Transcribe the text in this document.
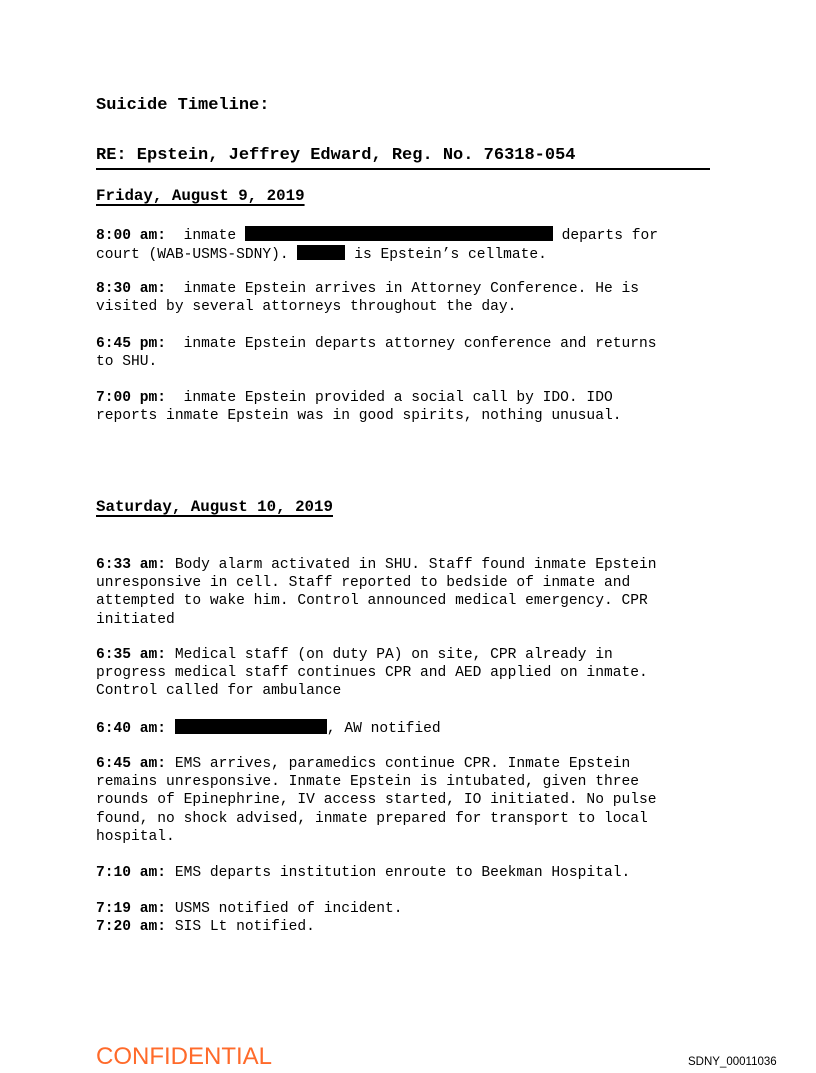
Suicide Timeline:
RE: Epstein, Jeffrey Edward, Reg. No. 76318-054
Friday, August 9, 2019
8:00 am:  inmate	departs for
court (WAB-USMS-SDNY).	is Epstein’s cellmate.
8:30 am:  inmate Epstein arrives in Attorney Conference. He is
visited by several attorneys throughout the day.
6:45 pm:  inmate Epstein departs attorney conference and returns
to SHU.
7:00 pm:  inmate Epstein provided a social call by IDO. IDO
reports inmate Epstein was in good spirits, nothing unusual.
Saturday, August 10, 2019
6:33 am: Body alarm activated in SHU. Staff found inmate Epstein
unresponsive in cell. Staff reported to bedside of inmate and
attempted to wake him. Control announced medical emergency. CPR
initiated
6:35 am: Medical staff (on duty PA) on site, CPR already in
progress medical staff continues CPR and AED applied on inmate.
Control called for ambulance
6:40 am:	, AW notified
6:45 am: EMS arrives, paramedics continue CPR. Inmate Epstein
remains unresponsive. Inmate Epstein is intubated, given three
rounds of Epinephrine, IV access started, IO initiated. No pulse
found, no shock advised, inmate prepared for transport to local
hospital.
7:10 am: EMS departs institution enroute to Beekman Hospital.
7:19 am: USMS notified of incident.
7:20 am: SIS Lt notified.
CONFIDENTIAL	SDNY_00011036
